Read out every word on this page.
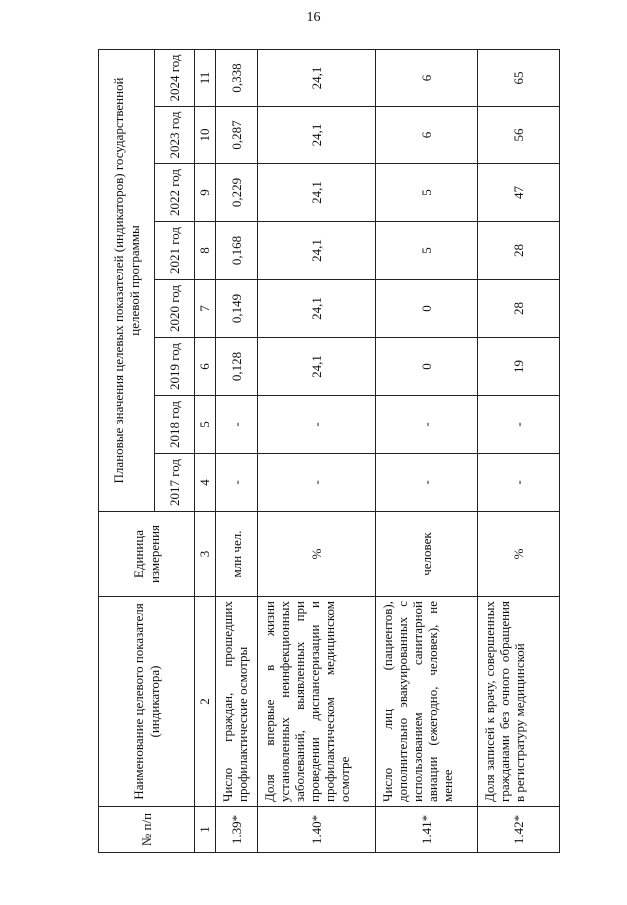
16
№ п/п	Наименование целевого показателя (индикатора)	Единица измерения	Плановые значения целевых показателей (индикаторов) государственной целевой программы							
			2017 год	2018 год	2019 год	2020 год	2021 год	2022 год	2023 год	2024 год
1	2	3	4	5	6	7	8	9	10	11
1.39*	Число граждан, прошедших профилактические осмотры	млн чел.	-	-	0,128	0,149	0,168	0,229	0,287	0,338
1.40*	Доля впервые в жизни установленных неинфекционных заболеваний, выявленных при проведении диспансеризации и профилактическом медицинском осмотре	%	-	-	24,1	24,1	24,1	24,1	24,1	24,1
1.41*	Число лиц (пациентов), дополнительно эвакуированных с использованием санитарной авиации (ежегодно, человек), не менее	человек	-	-	0	0	5	5	6	6
1.42*	Доля записей к врачу, совершенных гражданами без очного обращения в регистратуру медицинской	%	-	-	19	28	28	47	56	65
